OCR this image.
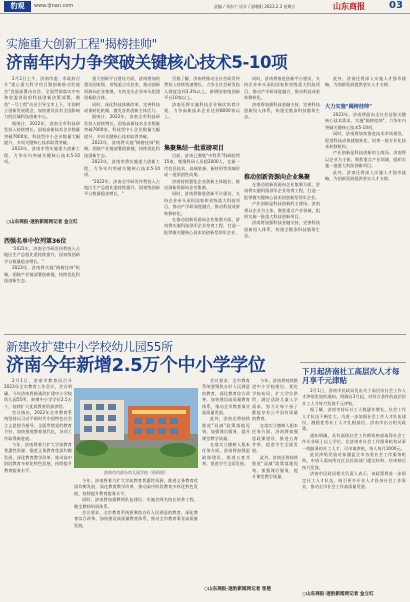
豹观	www.ijinan.com	责编 / 刘东宁 设计 / 邵朝阳 2023.2.3 星期五	山东商报 03
实施重大创新工程"揭榜挂帅"
济南年内力争突破关键核心技术5-10项

2月2日上午，济南市委、市政府召开"重心重大科学项目暨创新推动发展会"发展部署动员会，全面贯彻落实中央和省委省政府科技创新决策部署，聚焦"一号工程"动员引导全市上下，牢固树立创新发展理念，加快建设具有全国影响力的区域科技创新中心。

据统计，2022年，济南全市科技研发投入持续增长，国家高新技术企业数量突破7000家，科技型中小企业数量大幅提升，多项关键核心技术取得突破。

2023年，济南市将实施重大创新工程，力争年内突破关键核心技术5-10项。

○山东商报·速豹新闻网记者 金立红
西强名单中位列第36位

"2022年，济南全市研发经费投入占地区生产总值比重持续提升，国家级创新平台数量稳步增长。"

2023年，济南将实施"揭榜挂帅"机制，围绕产业链部署创新链，持续优化科技创新生态。

重大创新平台建设方面，济南将加快建设国家级、省级重点实验室，推动创新资源向企业集聚，支持龙头企业牵头组建创新联合体。

同时，深化科技体制改革，完善科技成果转化机制，激发各类创新主体活力。

据统计，2022年，济南全市科技研发投入持续增长，国家高新技术企业数量突破7000家，科技型中小企业数量大幅提升，多项关键核心技术取得突破。

2023年，济南将实施"揭榜挂帅"机制，围绕产业链部署创新链，持续优化科技创新生态。

2023年，济南市将实施重大创新工程，力争年内突破关键核心技术5-10项。

"2022年，济南全市研发经费投入占地区生产总值比重持续提升，国家级创新平台数量稳步增长。"

另据了解，济南将推动全社会研发经费投入持续快速增长，力争全社会研发投入强度达到3.3%以上，新增国家级创新平台10家以上。

济南还将实施科技企业梯次培育计划，力争高新技术企业达到8000家以上。

集聚集结一批重磅项目

目前，济南已聚集"中科系"科研院所15家，集聚科研人员超2000人，在新一代信息技术、高端装备、新材料等领域形成一批原创性成果。

济南持续强化企业创新主体地位，推动创新资源向企业集聚。

同时，济南将推进创新平台建设，支持企业牵头承担国家和省级重大科技项目，推动产学研深度融合，推动科技成果转移转化。

在推动创新资源向企业集聚方面，济南将实施科技领军企业培育工程，打造一批掌握关键核心技术的创新型领军企业。

同时，济南将推进创新平台建设，支持企业牵头承担国家和省级重大科技项目，推动产学研深度融合，推动科技成果转移转化。

济南将加强科技金融支持，完善科技创新投入体系，构建全链条科技服务生态。

推动创新资源向企业集聚

在推动创新资源向企业集聚方面，济南将实施科技领军企业培育工程，打造一批掌握关键核心技术的创新型领军企业。

产业创新是科技创新的主战场。济南将以企业为主体，聚焦重点产业领域，组织实施一批重大科技创新项目。

济南将加强科技金融支持，完善科技创新投入体系，构建全链条科技服务生态。

此外，济南还将深入实施人才强市战略，为创新发展提供坚实人才支撑。

大力实施"揭榜挂帅"

2023年，济南将面向全社会征集关键核心技术需求，实施"揭榜挂帅"，力争年内突破关键核心技术5-10项。

同时，济南将加快推进技术市场建设，促进科技成果就地转化，培育一批专业化技术转移机构。

产业创新是科技创新的主战场。济南将以企业为主体，聚焦重点产业领域，组织实施一批重大科技创新项目。

此外，济南还将深入实施人才强市战略，为创新发展提供坚实人才支撑。

新建改扩建中小学校幼儿园55所
济南今年新增2.5万个中小学学位

2月1日，济南市教育局召开2023年全市教育工作会议，会议明确，今年济南将新建改扩建中小学校幼儿园55所，新增中小学学位2.5万个，持续扩大优质教育资源供给。

会议指出，2022年全市教育系统坚持以习近平新时代中国特色社会主义思想为指导，全面贯彻党的教育方针，加快推进教育现代化，各项工作取得新进展。

今年，济南将着力扩大学前教育普惠性资源，推进义务教育优质均衡发展，深化教育教学改革，推动高中阶段教育多样化特色发展，持续提升教育服务水平。	济南市内部分幼儿园学校（资料图）

今年，济南将着力扩大学前教育普惠性资源，推进义务教育优质均衡发展，深化教育教学改革，推动高中阶段教育多样化特色发展，持续提升教育服务水平。

同时，济南将加强教师队伍建设，实施名师名校长培养工程，健全教师培训体系。

会议要求，全市教育系统要聚焦办好人民满意的教育，深化教育综合改革，加快建设高质量教育体系，推动全市教育事业高质量发展。

会议要求，全市教育系统要聚焦办好人民满意的教育，深化教育综合改革，加快建设高质量教育体系，推动全市教育事业高质量发展。

此外，济南还将持续推进"双减"政策落地见效，加强课后服务，提升课堂教学质量。

在落实立德树人根本任务方面，济南将加强思政课建设，推进五育并举，促进学生全面发展。

今年，济南将持续推进中小学校建设，优化学校布局，扩大学位供给，满足适龄儿童入学需求，努力让每个孩子都能享有公平而有质量的教育。

在落实立德树人根本任务方面，济南将加强思政课建设，推进五育并举，促进学生全面发展。

此外，济南还将持续推进"双减"政策落地见效，加强课后服务，提升课堂教学质量。

○山东商报·速豹新闻网记者 张楚
下月起济南社工高层次人才每月享千元津贴

2月1日，济南市民政局发布关于高层次社会工作人才津贴发放的通知，明确自3月起，对符合条件的高层次社工人才每月发放千元津贴。

据了解，济南市持证社工人数逐年增长，社会工作人才队伍不断壮大。为进一步加强社会工作人才队伍建设，激励优秀社工人才扎根基层，济南市出台相关政策。

通知明确，具有高级社会工作师资格或取得社会工作专业硕士以上学位，在济南市社会工作服务机构从事一线服务的社工人才，可申请津贴，每人每月1000元。

此次津贴发放对象涵盖全市各类社会工作服务机构，申请人需向所在区县民政部门提交材料，经审核后按月发放。

济南市民政局相关负责人表示，该政策将进一步稳定社工人才队伍，吸引更多专业人才投身社会工作事业，推动全市社会工作高质量发展。

○山东商报·速豹新闻网记者 金立红
